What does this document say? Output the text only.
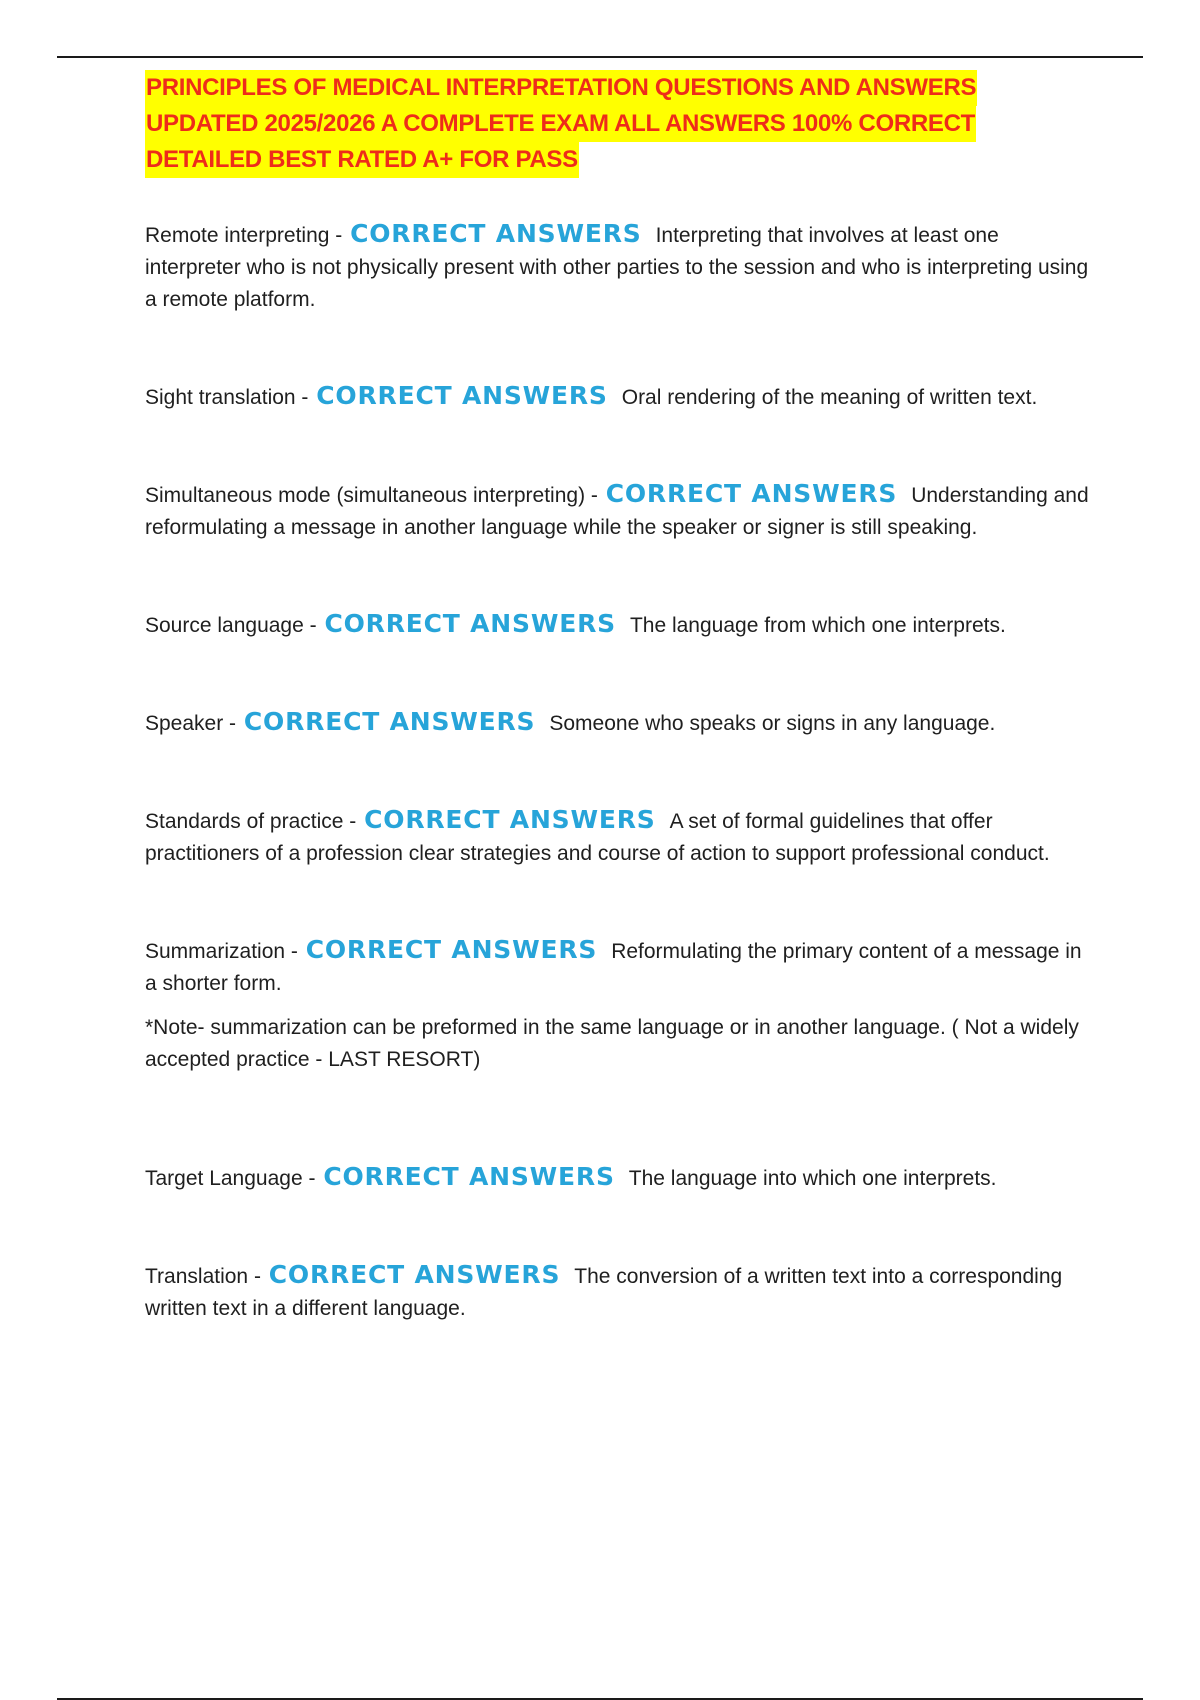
PRINCIPLES OF MEDICAL INTERPRETATION QUESTIONS AND ANSWERS
UPDATED 2025/2026 A COMPLETE EXAM ALL ANSWERS 100% CORRECT
DETAILED BEST RATED A+ FOR PASS

Remote interpreting - CORRECT ANSWERS Interpreting that involves at least one interpreter who is not physically present with other parties to the session and who is interpreting using a remote platform.

Sight translation - CORRECT ANSWERS Oral rendering of the meaning of written text.

Simultaneous mode (simultaneous interpreting) - CORRECT ANSWERS Understanding and reformulating a message in another language while the speaker or signer is still speaking.

Source language - CORRECT ANSWERS The language from which one interprets.

Speaker - CORRECT ANSWERS Someone who speaks or signs in any language.

Standards of practice - CORRECT ANSWERS A set of formal guidelines that offer practitioners of a profession clear strategies and course of action to support professional conduct.

Summarization - CORRECT ANSWERS Reformulating the primary content of a message in a shorter form.

*Note- summarization can be preformed in the same language or in another language. ( Not a widely accepted practice - LAST RESORT)

Target Language - CORRECT ANSWERS The language into which one interprets.

Translation - CORRECT ANSWERS The conversion of a written text into a corresponding written text in a different language.
